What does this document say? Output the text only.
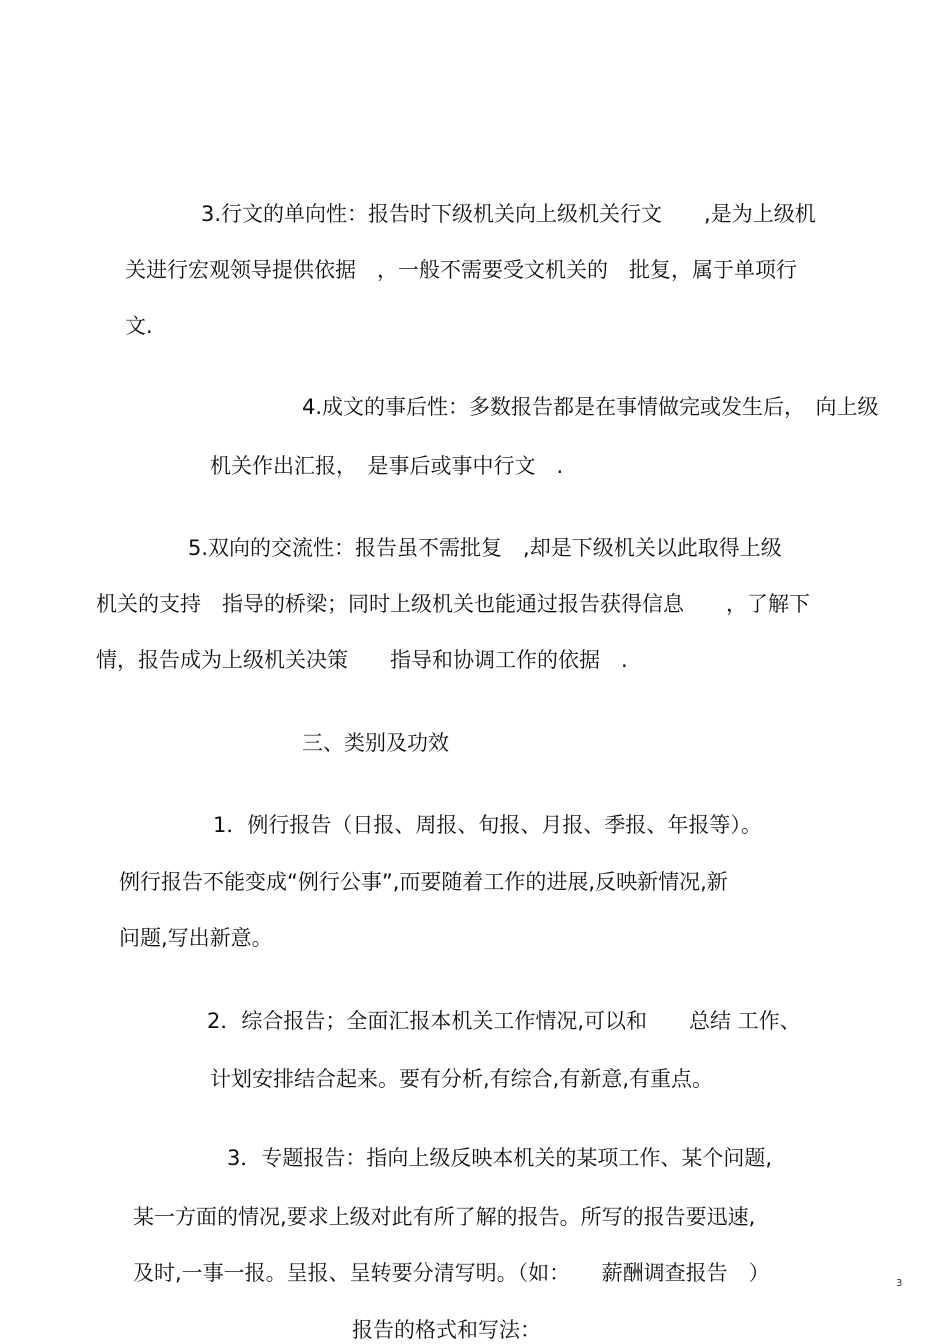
3.行文的单向性：报告时下级机关向上级机关行文　　,是为上级机

关进行宏观领导提供依据　，一般不需要受文机关的　批复，属于单项行

文.

4.成文的事后性：多数报告都是在事情做完或发生后，　向上级

机关作出汇报，　是事后或事中行文　.

5.双向的交流性：报告虽不需批复　,却是下级机关以此取得上级

机关的支持　指导的桥梁；同时上级机关也能通过报告获得信息　　，了解下

情，报告成为上级机关决策　　指导和协调工作的依据　.

三、类别及功效

1．例行报告（日报、周报、旬报、月报、季报、年报等）。

例行报告不能变成“例行公事”,而要随着工作的进展,反映新情况,新

问题,写出新意。

2．综合报告；全面汇报本机关工作情况,可以和　　总结 工作、

计划安排结合起来。要有分析,有综合,有新意,有重点。

3．专题报告：指向上级反映本机关的某项工作、某个问题,

某一方面的情况,要求上级对此有所了解的报告。所写的报告要迅速,

及时,一事一报。呈报、呈转要分清写明。（如：　　薪酬调查报告　）

报告的格式和写法：
3
